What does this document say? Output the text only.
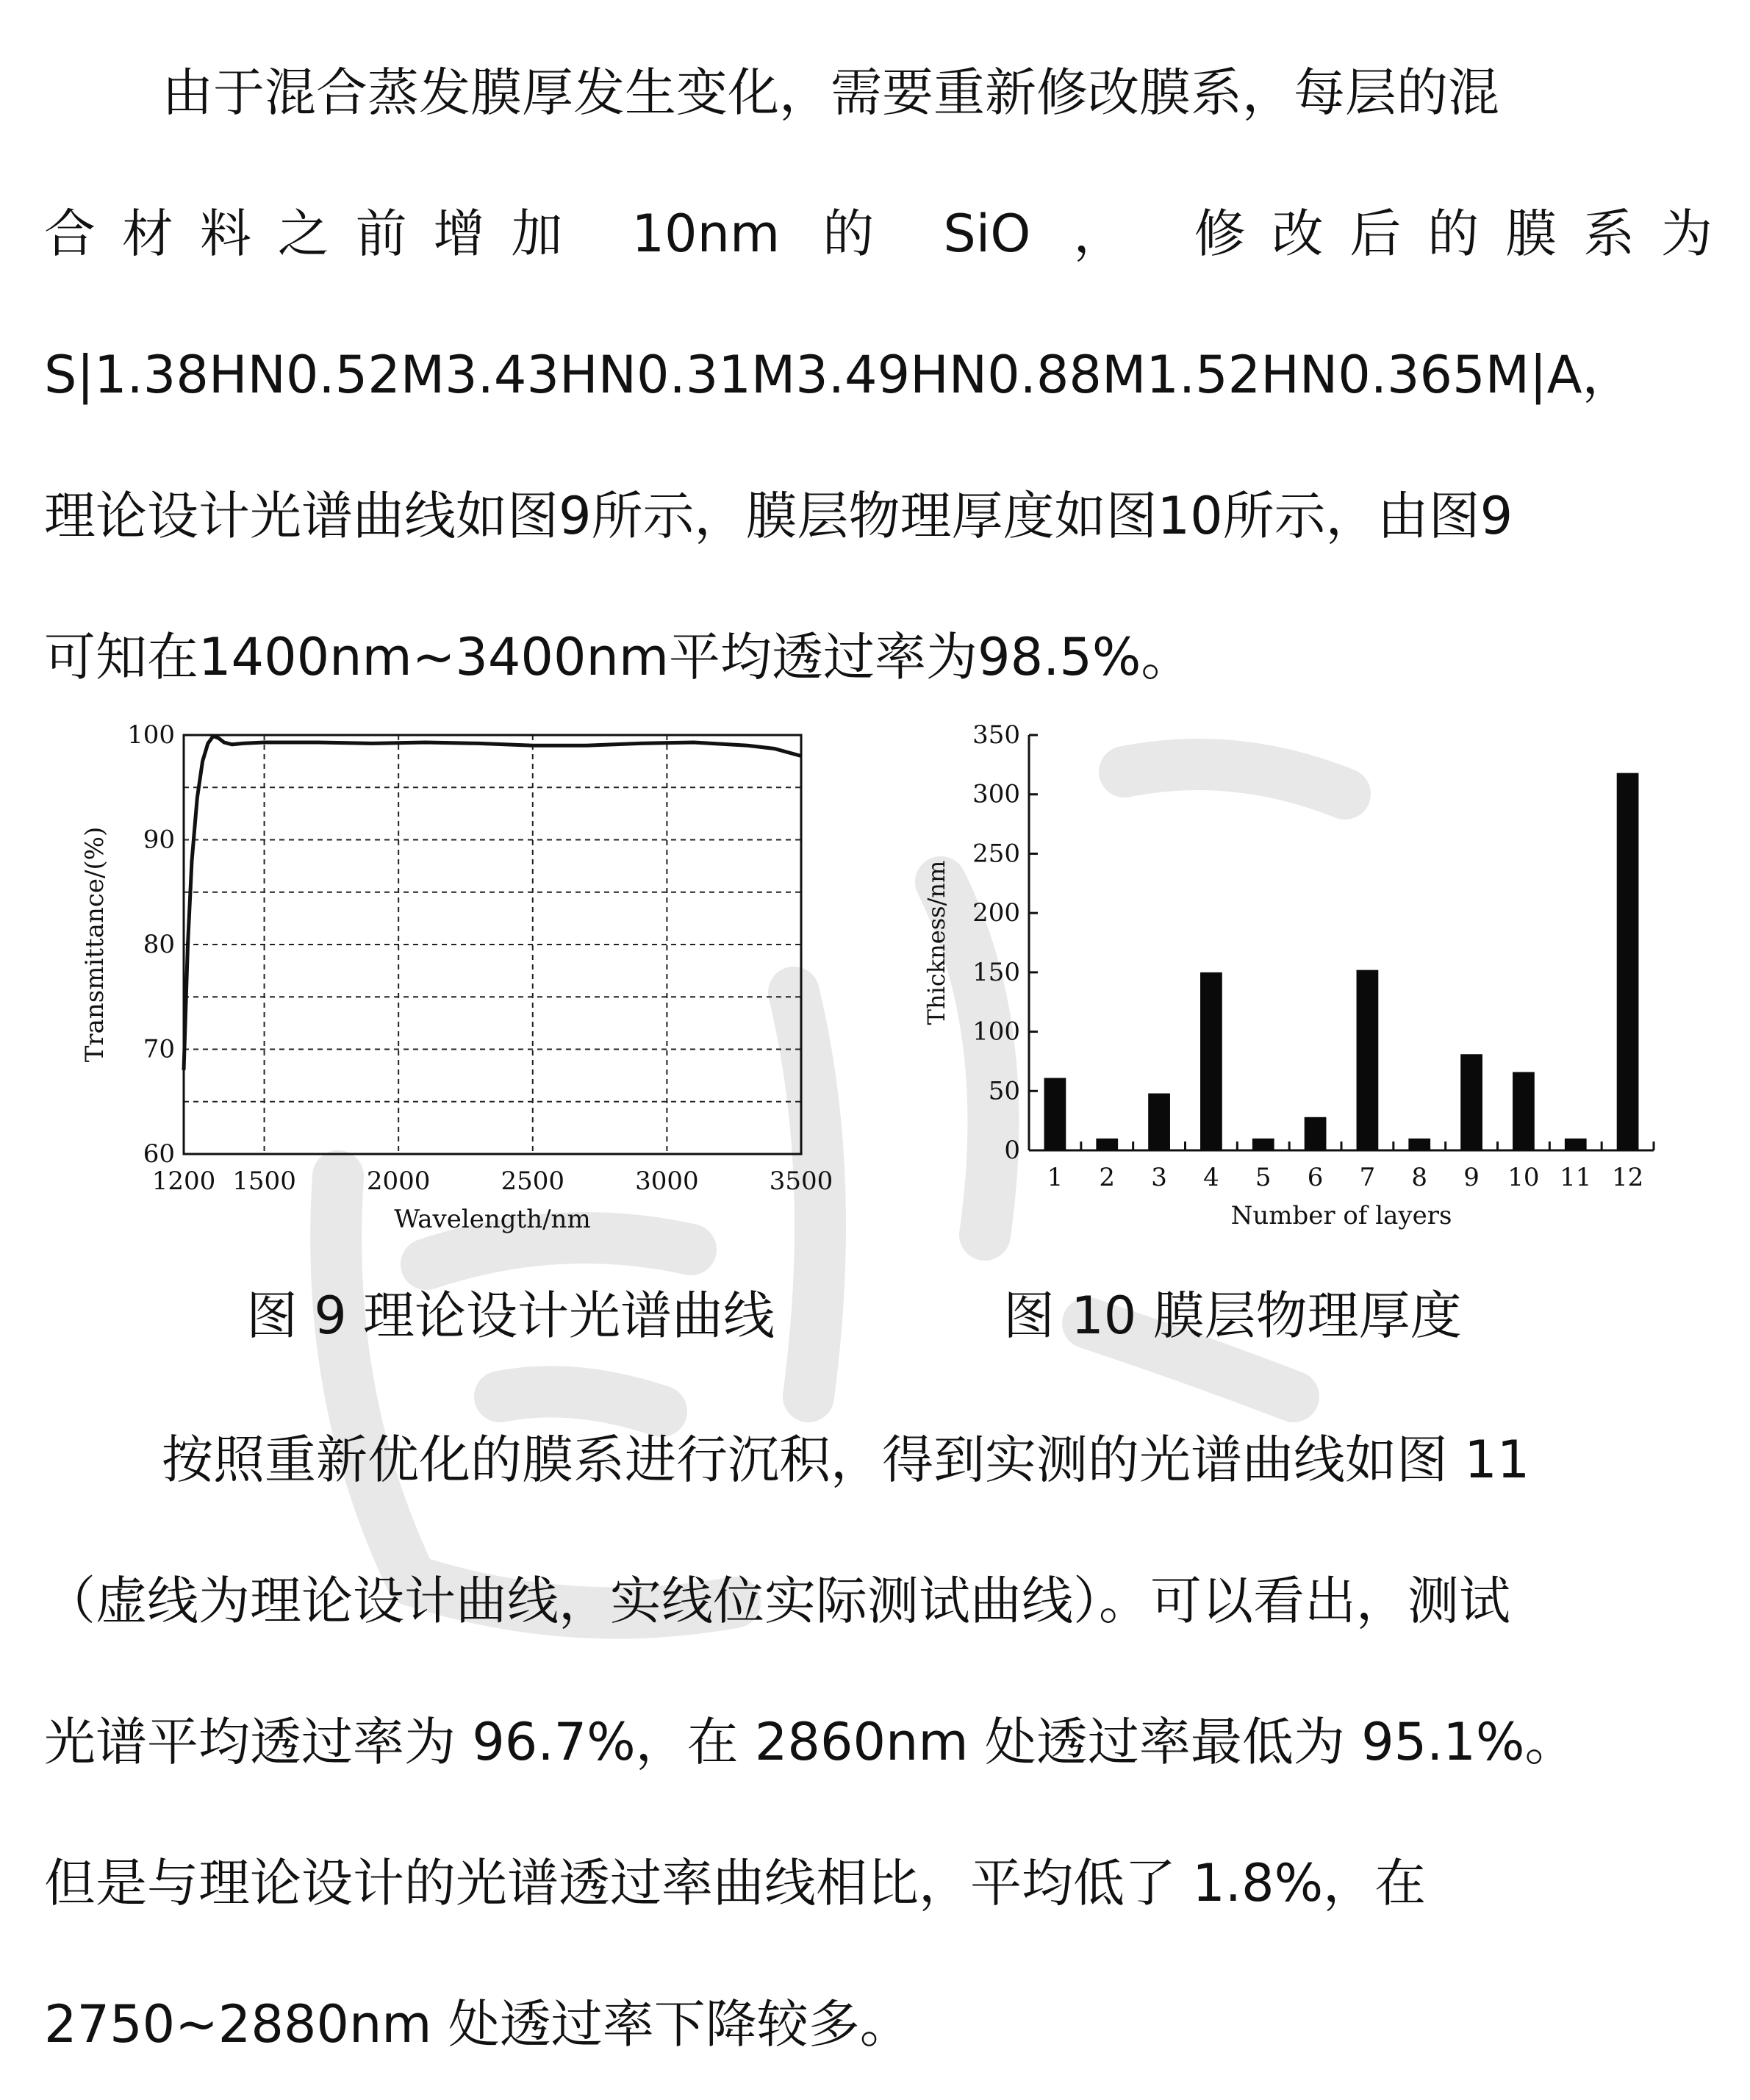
由于混合蒸发膜厚发生变化，需要重新修改膜系，每层的混

合材料之前增加 10nm 的 SiO ， 修改后的膜系为

S|1.38HN0.52M3.43HN0.31M3.49HN0.88M1.52HN0.365M|A，

理论设计光谱曲线如图9所示，膜层物理厚度如图10所示，由图9

可知在1400nm~3400nm平均透过率为98.5%。

1200 1500	2000	2500	3000	3500
60
70
80
90
100
Wavelength/nm
Transmittance/(%)
0
50
100
150
200
250
300
350
1 2 3 4 5 6 7 8 9 10 11 12
Number of layers
Thickness/nm
图 9 理论设计光谱曲线	图 10 膜层物理厚度

按照重新优化的膜系进行沉积，得到实测的光谱曲线如图 11

（虚线为理论设计曲线，实线位实际测试曲线）。可以看出，测试

光谱平均透过率为 96.7%，在 2860nm 处透过率最低为 95.1%。

但是与理论设计的光谱透过率曲线相比，平均低了 1.8%，在

2750~2880nm 处透过率下降较多。
